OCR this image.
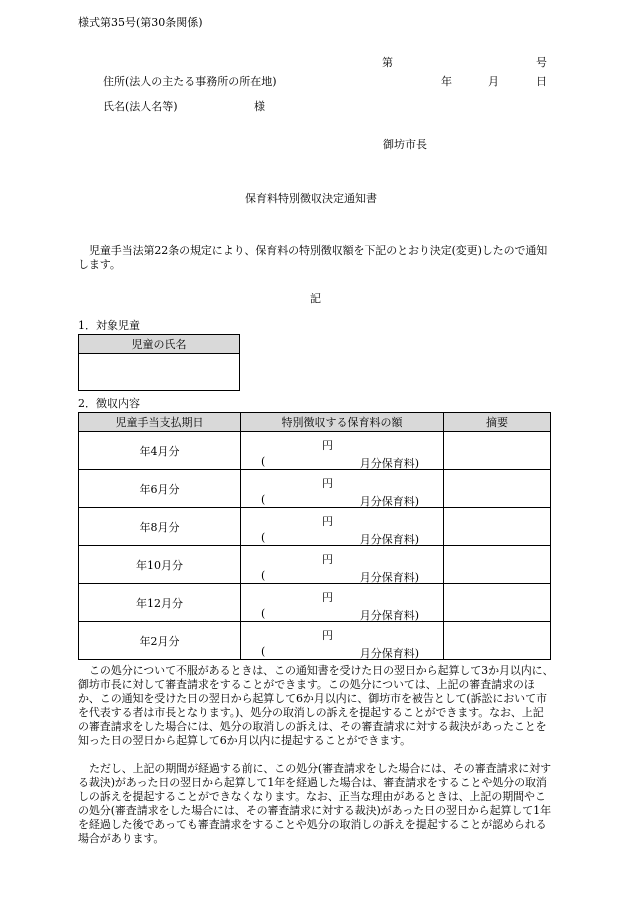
様式第35号(第30条関係)
第	号
住所(法人の主たる事務所の所在地)	年	月	日
氏名(法人名等)	様
御坊市長
保育料特別徴収決定通知書

児童手当法第22条の規定により、保育料の特別徴収額を下記のとおり決定(変更)したので通知します。

記
1．対象児童
児童の氏名

2．徴収内容
児童手当支払期日	特別徴収する保育料の額	摘要
年4月分	円
( 月分保育料)	

年6月分	円
( 月分保育料)	

年8月分	円
( 月分保育料)	

年10月分	円
( 月分保育料)	

年12月分	円
( 月分保育料)	

年2月分	円
( 月分保育料)	

この処分について不服があるときは、この通知書を受けた日の翌日から起算して3か月以内に、御坊市長に対して審査請求をすることができます。この処分については、上記の審査請求のほか、この通知を受けた日の翌日から起算して6か月以内に、御坊市を被告として(訴訟において市を代表する者は市長となります。)、処分の取消しの訴えを提起することができます。なお、上記の審査請求をした場合には、処分の取消しの訴えは、その審査請求に対する裁決があったことを知った日の翌日から起算して6か月以内に提起することができます。

ただし、上記の期間が経過する前に、この処分(審査請求をした場合には、その審査請求に対する裁決)があった日の翌日から起算して1年を経過した場合は、審査請求をすることや処分の取消しの訴えを提起することができなくなります。なお、正当な理由があるときは、上記の期間やこの処分(審査請求をした場合には、その審査請求に対する裁決)があった日の翌日から起算して1年を経過した後であっても審査請求をすることや処分の取消しの訴えを提起することが認められる場合があります。
